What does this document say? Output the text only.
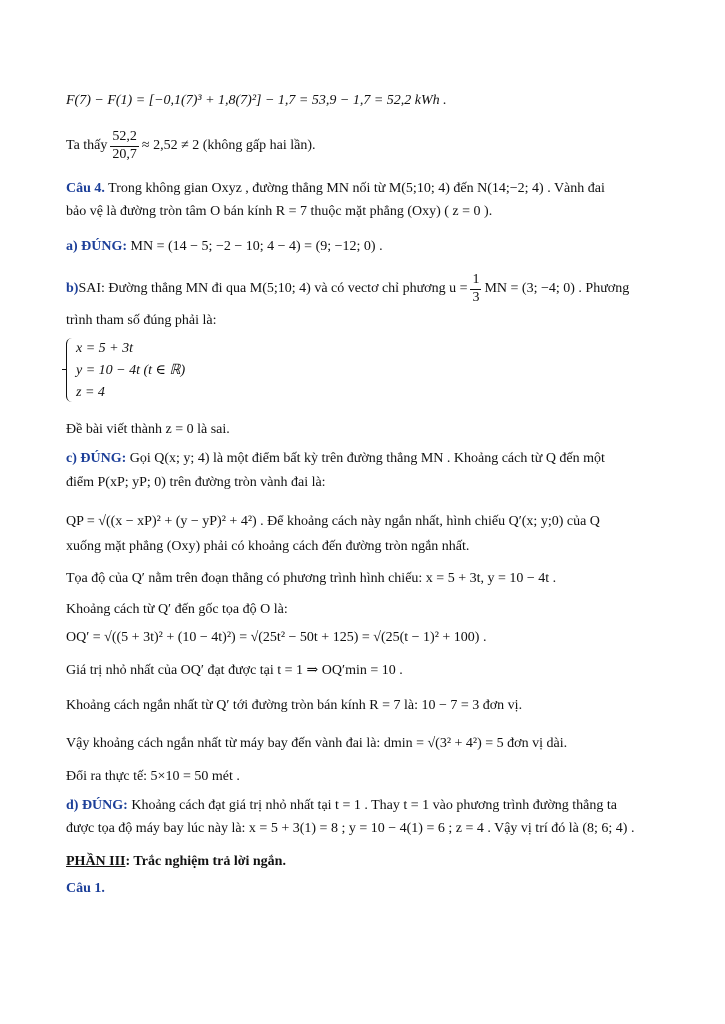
F(7) − F(1) = [−0,1(7)³ + 1,8(7)²] − 1,7 = 53,9 − 1,7 = 52,2 kWh .
Ta thấy $\frac{52,2}{20,7} \approx 2,52 \ne 2$ (không gấp hai lần).
Câu 4. Trong không gian Oxyz , đường thẳng MN nối từ M(5;10; 4) đến N(14;−2; 4) . Vành đai
bảo vệ là đường tròn tâm O bán kính R = 7 thuộc mặt phẳng (Oxy) ( z = 0 ).
a) ĐÚNG: MN = (14 − 5; −2 − 10; 4 − 4) = (9; −12; 0) .
b) SAI: Đường thẳng MN đi qua M(5;10; 4) và có vectơ chỉ phương $u = \frac{1}{3}$ MN = (3; −4; 0) . Phương
trình tham số đúng phải là:
x = 5 + 3t
y = 10 − 4t (t ∈ ℝ)
z = 4
Đề bài viết thành z = 0 là sai.
c) ĐÚNG: Gọi Q(x; y; 4) là một điểm bất kỳ trên đường thẳng MN . Khoảng cách từ Q đến một
điểm P(xP; yP; 0) trên đường tròn vành đai là:
QP = √((x − xP)² + (y − yP)² + 4²) . Để khoảng cách này ngắn nhất, hình chiếu Q′(x; y;0) của Q
xuống mặt phẳng (Oxy) phải có khoảng cách đến đường tròn ngắn nhất.
Tọa độ của Q′ nằm trên đoạn thẳng có phương trình hình chiếu: x = 5 + 3t, y = 10 − 4t .
Khoảng cách từ Q′ đến gốc tọa độ O là:
OQ′ = √((5 + 3t)² + (10 − 4t)²) = √(25t² − 50t + 125) = √(25(t − 1)² + 100) .
Giá trị nhỏ nhất của OQ′ đạt được tại t = 1 ⇒ OQ′min = 10 .
Khoảng cách ngắn nhất từ Q′ tới đường tròn bán kính R = 7 là: 10 − 7 = 3 đơn vị.
Vậy khoảng cách ngắn nhất từ máy bay đến vành đai là: dmin = √(3² + 4²) = 5 đơn vị dài.
Đổi ra thực tế: 5×10 = 50 mét .
d) ĐÚNG: Khoảng cách đạt giá trị nhỏ nhất tại t = 1 . Thay t = 1 vào phương trình đường thẳng ta
được tọa độ máy bay lúc này là: x = 5 + 3(1) = 8 ; y = 10 − 4(1) = 6 ; z = 4 . Vậy vị trí đó là (8; 6; 4) .
PHẦN III: Trắc nghiệm trả lời ngắn.
Câu 1.
